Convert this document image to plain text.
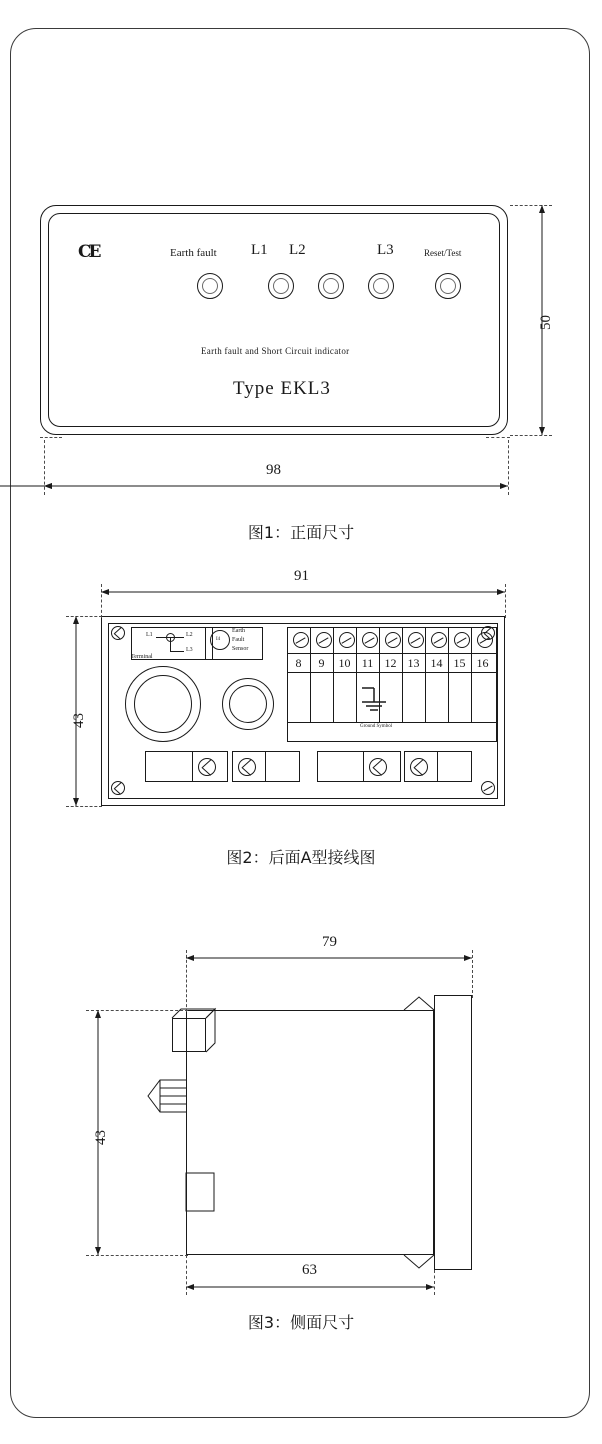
CE	Earth fault L1 L2	L3	Reset/Test
Earth fault and Short Circuit indicator
Type EKL3
98
50
图1：正面尺寸
L1	L2
L3
Terminal
I4
Earth
Fault
Sensor
8	9	10 11 12 13 14 15 16
Ground Symbol
91
43
图2：后面A型接线图
79
43
63
图3：侧面尺寸
